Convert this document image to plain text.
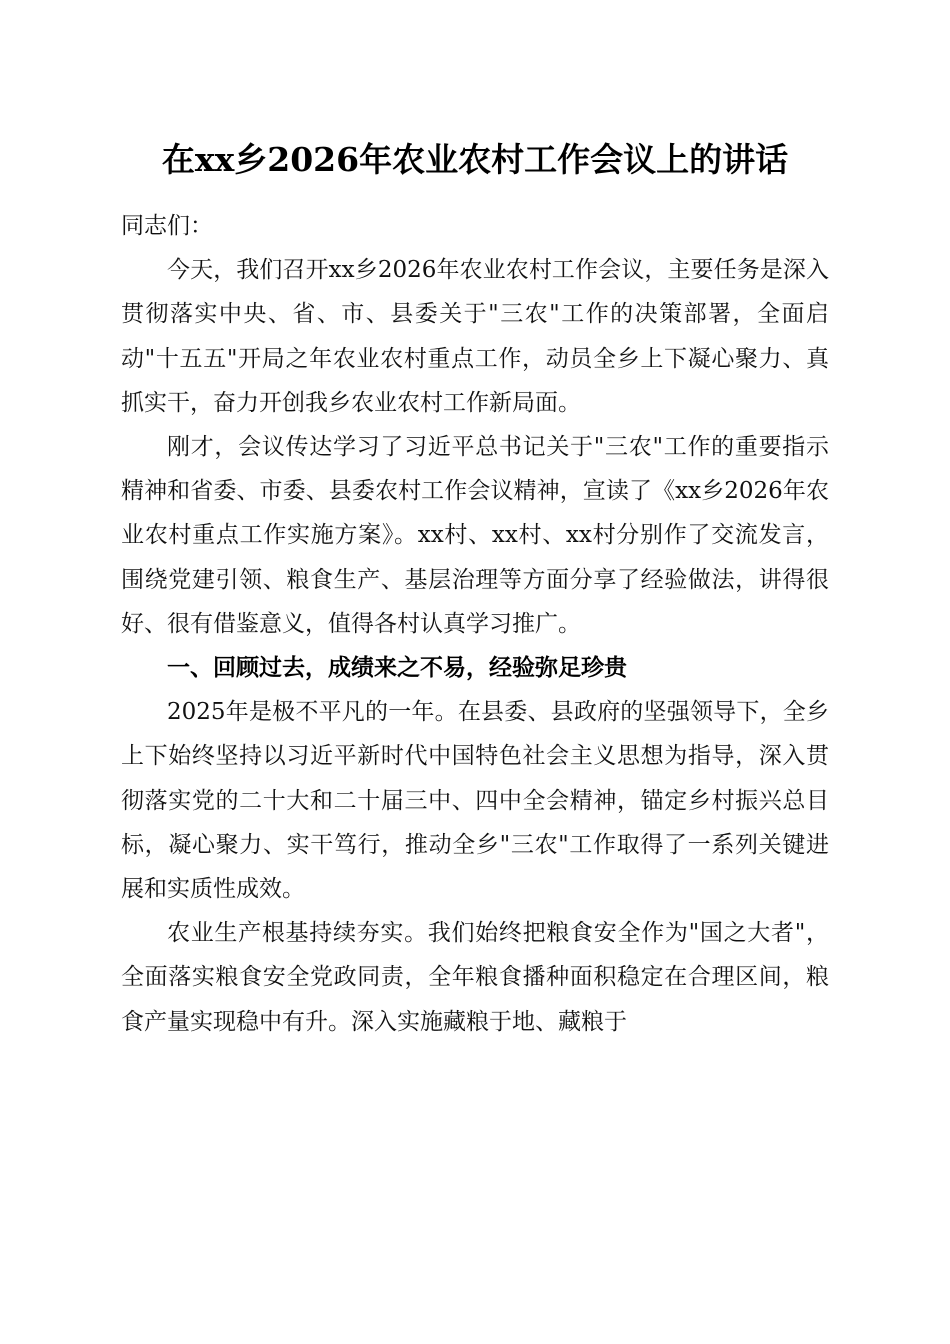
在xx乡2026年农业农村工作会议上的讲话

同志们：

今天，我们召开xx乡2026年农业农村工作会议，主要任务是深入贯彻落实中央、省、市、县委关于"三农"工作的决策部署，全面启动"十五五"开局之年农业农村重点工作，动员全乡上下凝心聚力、真抓实干，奋力开创我乡农业农村工作新局面。

刚才，会议传达学习了习近平总书记关于"三农"工作的重要指示精神和省委、市委、县委农村工作会议精神，宣读了《xx乡2026年农业农村重点工作实施方案》。xx村、xx村、xx村分别作了交流发言，围绕党建引领、粮食生产、基层治理等方面分享了经验做法，讲得很好、很有借鉴意义，值得各村认真学习推广。

一、回顾过去，成绩来之不易，经验弥足珍贵

2025年是极不平凡的一年。在县委、县政府的坚强领导下，全乡上下始终坚持以习近平新时代中国特色社会主义思想为指导，深入贯彻落实党的二十大和二十届三中、四中全会精神，锚定乡村振兴总目标，凝心聚力、实干笃行，推动全乡"三农"工作取得了一系列关键进展和实质性成效。

农业生产根基持续夯实。我们始终把粮食安全作为"国之大者"，全面落实粮食安全党政同责，全年粮食播种面积稳定在合理区间，粮食产量实现稳中有升。深入实施藏粮于地、藏粮于
